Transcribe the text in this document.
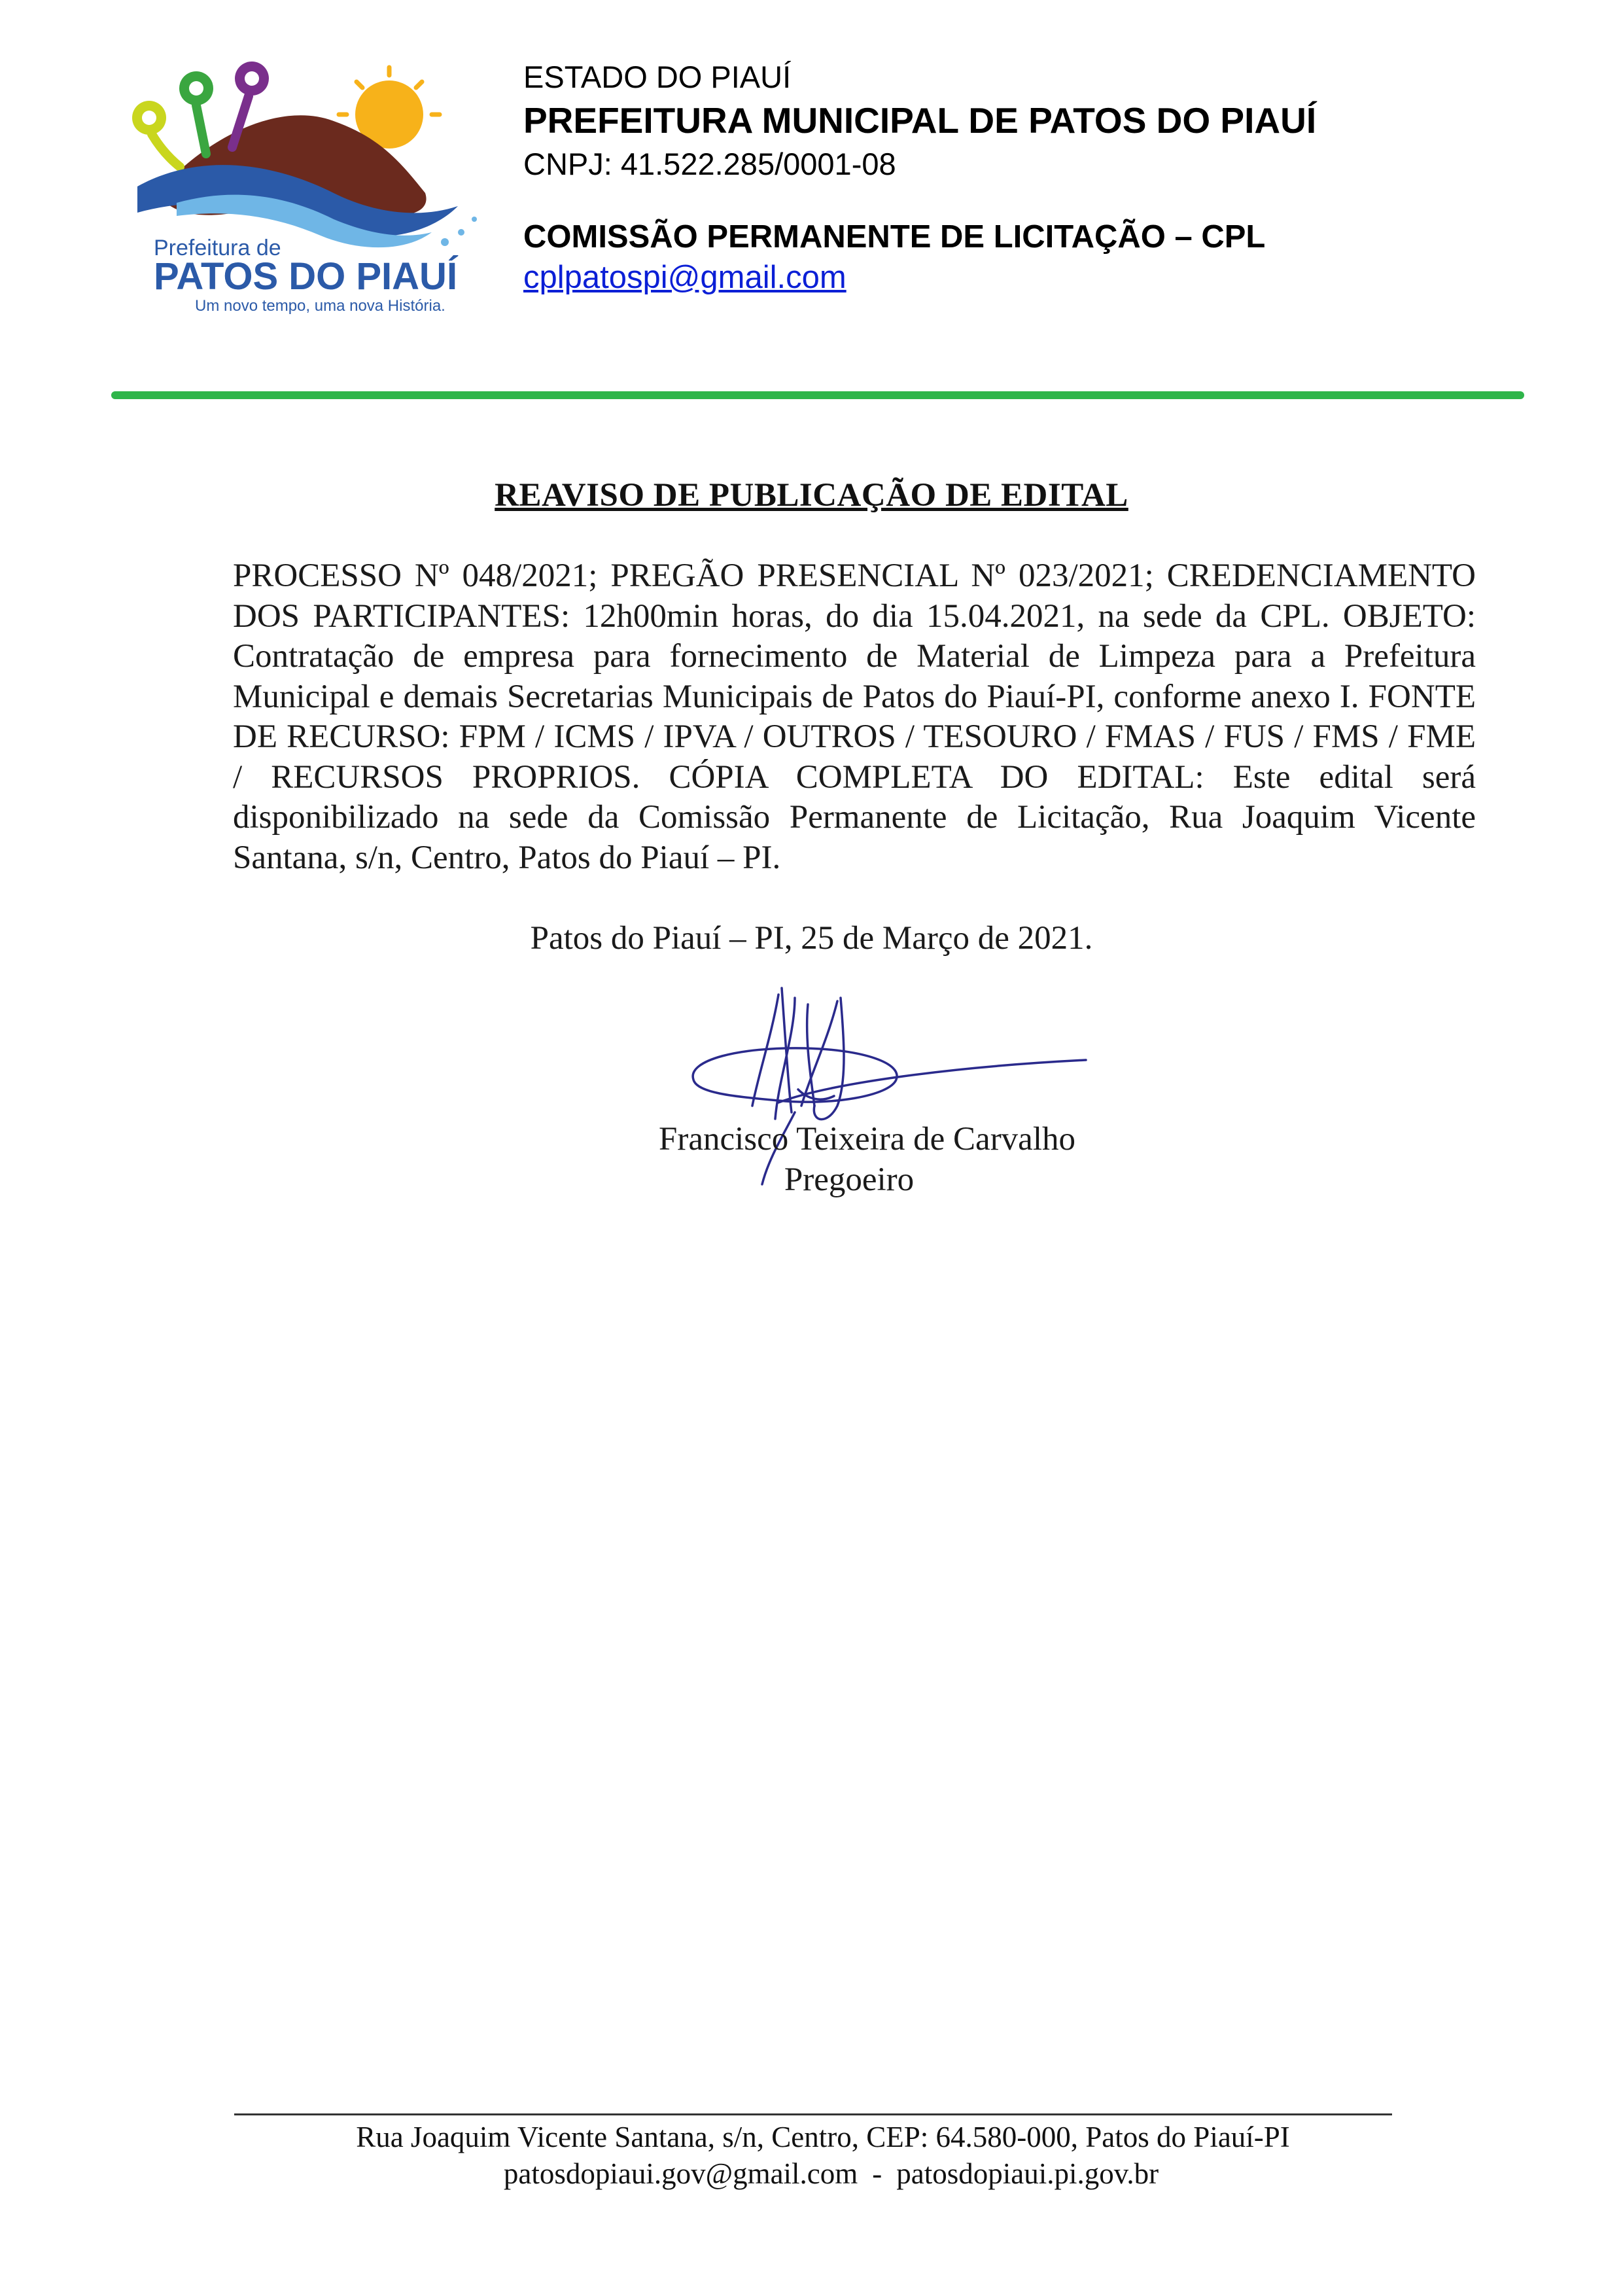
Prefeitura de
PATOS DO PIAUÍ
Um novo tempo, uma nova História.
ESTADO DO PIAUÍ
PREFEITURA MUNICIPAL DE PATOS DO PIAUÍ
CNPJ: 41.522.285/0001-08
COMISSÃO PERMANENTE DE LICITAÇÃO – CPL
cplpatospi@gmail.com
REAVISO DE PUBLICAÇÃO DE EDITAL
PROCESSO Nº 048/2021; PREGÃO PRESENCIAL Nº 023/2021; CREDENCIAMENTO DOS PARTICIPANTES: 12h00min horas, do dia 15.04.2021, na sede da CPL. OBJETO: Contratação de empresa para fornecimento de Material de Limpeza para a Prefeitura Municipal e demais Secretarias Municipais de Patos do Piauí-PI, conforme anexo I. FONTE DE RECURSO: FPM / ICMS / IPVA / OUTROS / TESOURO / FMAS / FUS / FMS / FME / RECURSOS PROPRIOS. CÓPIA COMPLETA DO EDITAL: Este edital será disponibilizado na sede da Comissão Permanente de Licitação, Rua Joaquim Vicente Santana, s/n, Centro, Patos do Piauí – PI.
Patos do Piauí – PI, 25 de Março de 2021.
Francisco Teixeira de Carvalho
Pregoeiro
Rua Joaquim Vicente Santana, s/n, Centro, CEP: 64.580-000, Patos do Piauí-PI
patosdopiaui.gov@gmail.com - patosdopiaui.pi.gov.br
